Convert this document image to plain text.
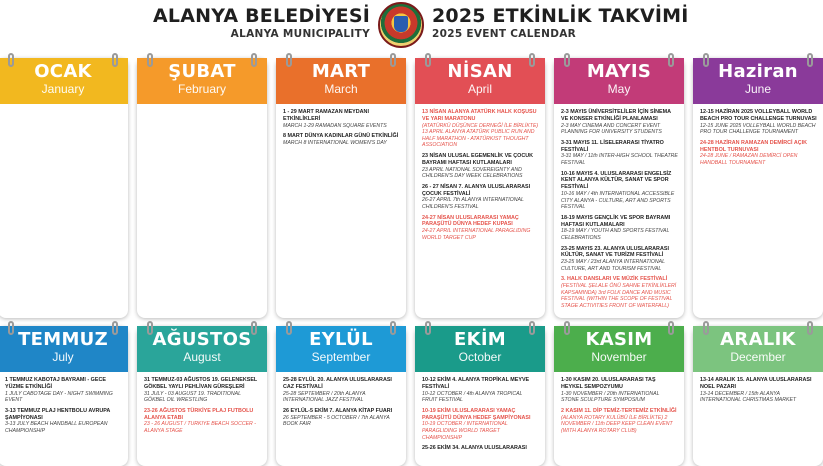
ALANYA BELEDİYESİ
ALANYA MUNICIPALITY
2025 ETKİNLİK TAKVİMİ
2025 EVENT CALENDAR
OCAK
January
ŞUBAT
February
MART
March
1 - 29 MART RAMAZAN MEYDANI ETKİNLİKLERİ
MARCH 1-29 RAMADAN SQUARE EVENTS
8 MART DÜNYA KADINLAR GÜNÜ ETKİNLİĞİ
MARCH 8 INTERNATIONAL WOMEN'S DAY
NİSAN
April
13 NİSAN ALANYA ATATÜRK HALK KOŞUSU VE YARI MARATONU
(ATATÜRKÜ DÜŞÜNCE DERNEĞİ İLE BİRLİKTE) 13 APRIL ALANYA ATATÜRK PUBLIC RUN AND HALF MARATHON - ATATÜRKIST THOUGHT ASSOCIATION
23 NİSAN ULUSAL EGEMENLİK VE ÇOCUK BAYRAMI HAFTASI KUTLAMALARI
23 APRIL NATIONAL SOVEREIGNTY AND CHILDREN'S DAY WEEK CELEBRATIONS
26 - 27 NİSAN 7. ALANYA ULUSLARARASI ÇOCUK FESTİVALİ
26-27 APRIL 7th ALANYA INTERNATIONAL CHILDREN'S FESTIVAL
24-27 NİSAN ULUSLARARASI YAMAÇ PARAŞÜTÜ DÜNYA HEDEF KUPASI
24-27 APRIL INTERNATIONAL PARAGLIDING WORLD TARGET CUP
MAYIS
May
2-3 MAYIS ÜNİVERSİTELİLER İÇİN SİNEMA VE KONSER ETKİNLİĞİ PLANLAMASI
2-3 MAY CINEMA AND CONCERT EVENT PLANNING FOR UNIVERSITY STUDENTS
3-31 MAYIS 11. LİSELERARASI TİYATRO FESTİVALİ
3-31 MAY / 11th INTER-HIGH SCHOOL THEATRE FESTIVAL
10-16 MAYIS 4. ULUSLARARASI ENGELSİZ KENT ALANYA KÜLTÜR, SANAT VE SPOR FESTİVALİ
10-16 MAY / 4th INTERNATIONAL ACCESSIBLE CITY ALANYA - CULTURE, ART AND SPORTS FESTIVAL
18-19 MAYIS GENÇLİK VE SPOR BAYRAMI HAFTASI KUTLAMALARI
18-19 MAY / YOUTH AND SPORTS FESTIVAL CELEBRATIONS
23-25 MAYIS 23. ALANYA ULUSLARARASI KÜLTÜR, SANAT VE TURİZM FESTİVALİ
23-25 MAY / 23rd ALANYA INTERNATIONAL CULTURE, ART AND TOURISM FESTIVAL
3. HALK DANSLARI VE MÜZİK FESTİVALİ
(FESTİVAL ŞELALE ÖNÜ SAHNE ETKİNLİKLERİ KAPSAMINDA) 3rd FOLK DANCE AND MUSIC FESTIVAL (WITHIN THE SCOPE OF FESTIVAL STAGE ACTIVITIES FRONT OF WATERFALL)
Haziran
June
12-15 HAZİRAN 2025 VOLLEYBALL WORLD BEACH PRO TOUR CHALLENGE TURNUVASI
12-15 JUNE 2025 VOLLEYBALL WORLD BEACH PRO TOUR CHALLENGE TOURNAMENT
24-28 HAZİRAN RAMAZAN DEMİRCİ AÇIK HENTBOL TURNUVASI
24-28 JUNE / RAMAZAN DEMİRCİ OPEN HANDBALL TOURNAMENT
TEMMUZ
July
1 TEMMUZ KABOTAJ BAYRAMI - GECE YÜZME ETKİNLİĞİ
1 JULY CABOTAGE DAY - NIGHT SWIMMING EVENT
3-13 TEMMUZ PLAJ HENTBOLU AVRUPA ŞAMPİYONASI
3-13 JULY BEACH HANDBALL EUROPEAN CHAMPIONSHIP
AĞUSTOS
August
31 TEMMUZ-03 AĞUSTOS 19. GELENEKSEL GÖKBEL YAYLI PEHLİVAN GÜREŞLERİ
31 JULY - 03 AUGUST 19. TRADITIONAL GÖKBEL OIL WRESTLING
23-26 AĞUSTOS TÜRKİYE PLAJ FUTBOLU ALANYA ETABI
23 - 26 AUGUST / TURKIYE BEACH SOCCER - ALANYA STAGE
EYLÜL
September
25-28 EYLÜL 20. ALANYA ULUSLARARASI CAZ FESTİVALİ
25-28 SEPTEMBER / 20th ALANYA INTERNATIONAL JAZZ FESTIVAL
26 EYLÜL-5 EKİM 7. ALANYA KİTAP FUARI
26 SEPTEMBER - 5 OCTOBER / 7th ALANYA BOOK FAIR
EKİM
October
10-12 EKİM 4. ALANYA TROPİKAL MEYVE FESTİVALİ
10-12 OCTOBER / 4th ALANYA TROPICAL FRUIT FESTIVAL
10-19 EKİM ULUSLARARASI YAMAÇ PARAŞÜTÜ DÜNYA HEDEF ŞAMPİYONASI
10-19 OCTOBER / INTERNATIONAL PARAGLIDING WORLD TARGET CHAMPIONSHIP
25-26 EKİM 34. ALANYA ULUSLARARASI
KASIM
November
1-30 KASIM 20. ULUSLARARASI TAŞ HEYKEL SEMPOZYUMU
1-30 NOVEMBER / 20th INTERNATIONAL STONE SCULPTURE SYMPOSIUM
2 KASIM 11. DİP TEMİZ-TERTEMİZ ETKİNLİĞİ
(ALANYA ROTARY KULÜBÜ İLE BİRLİKTE) 2 NOVEMBER / 11th DEEP KEEP CLEAN EVENT (WITH ALANYA ROTARY CLUB)
ARALIK
December
13-14 ARALIK 15. ALANYA ULUSLARARASI NOEL PAZARI
13-14 DECEMBER / 15th ALANYA INTERNATIONAL CHRISTMAS MARKET
